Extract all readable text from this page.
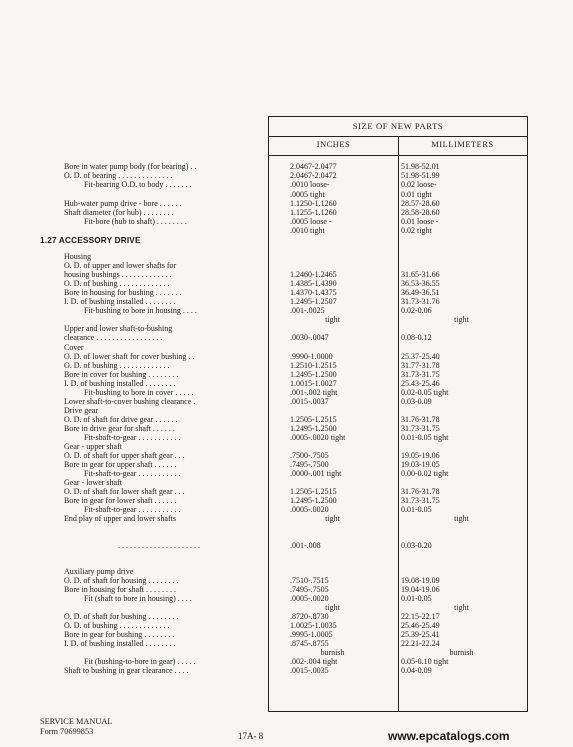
SIZE OF NEW PARTS
INCHES	MILLIMETERS
1.27 ACCESSORY DRIVE
Bore in water pump body (for bearing) . .	2.0467-2.0477	51.98-52.01
O. D. of bearing . . . . . . . . . . . . . .	2.0467-2.0472	51.98-51.99
Fit-bearing O.D. to body . . . . . . .	.0010 loose-	0.02 loose-
.0005 tight	0.01 tight
Hub-water pump drive - bore . . . . . .	1.1250-1.1260	28.57-28.60
Shaft diameter (for hub) . . . . . . . .	1.1255-1.1260	28.58-28.60
Fit-bore (hub to shaft) . . . . . . . .	.0005 loose -	0.01 loose -
.0010 tight	0.02 tight
Housing
O. D. of upper and lower shafts for
housing bushings . . . . . . . . . . . . .	1.2460-1.2465	31.65-31.66
O. D. of bushing . . . . . . . . . . . . .	1.4385-1.4390	36.53-36.55
Bore in housing for bushing . . . . . . .	1.4370-1.4375	36.49-36.51
I. D. of bushing installed . . . . . . . .	1.2495-1.2507	31.73-31.76
Fit-bushing to bore in housing . . . .	.001-.0025	0.02-0.06
tight	tight
Upper and lower shaft-to-bushing
clearance . . . . . . . . . . . . . . . . .	.0030-.0047	0.08-0.12
Cover
O. D. of lower shaft for cover bushing . .	.9990-1.0000	25.37-25.40
O. D. of bushing . . . . . . . . . . . . .	1.2510-1.2515	31.77-31.78
Bore in cover for bushing . . . . . . . .	1.2495-1.2500	31.73-31.75
I. D. of bushing installed . . . . . . . .	1.0015-1.0027	25.43-25.46
Fit-bushing to bore in cover . . . . .	.001-.002 tight	0.02-0.05 tight
Lower shaft-to-cover bushing clearance .	.0015-.0037	0.03-0.09
Drive gear
O. D. of shaft for drive gear . . . . . .	1.2505-1.2515	31.76-31.78
Bore in drive gear for shaft . . . . . .	1.2495-1.2500	31.73-31.75
Fit-shaft-to-gear . . . . . . . . . . .	.0005-.0020 tight	0.01-0.05 tight
Gear - upper shaft
O. D. of shaft for upper shaft gear . . .	.7500-.7505	19.05-19.06
Bore in gear for upper shaft . . . . . .	.7495-.7500	19.03-19.05
Fit-shaft-to-gear . . . . . . . . . . .	.0000-.001 tight	0.00-0.02 tight
Gear - lower shaft
O. D. of shaft for lower shaft gear . . .	1.2505-1.2515	31.76-31.78
Bore in gear for lower shaft . . . . . .	1.2495-1.2500	31.73-31.75
Fit-shaft-to-gear . . . . . . . . . . .	.0005-.0020	0.01-0.05
tight	tight
End play of upper and lower shafts
. . . . . . . . . . . . . . . . . . . . .	.001-.008	0.03-0.20
Auxiliary pump drive
O. D. of shaft for housing . . . . . . . .	.7510-.7515	19.08-19.09
Bore in housing for shaft . . . . . . . .	.7495-.7505	19.04-19.06
Fit (shaft to bore in housing) . . . .	.0005-.0020	0.01-0.05
tight	tight
O. D. of shaft for bushing . . . . . . . .	.8720-.8730	22.15-22.17
O. D. of bushing . . . . . . . . . . . . .	1.0025-1.0035	25.46-25.49
Bore in gear for bushing . . . . . . . .	.9995-1.0005	25.39-25.41
I. D. of bushing installed . . . . . . . .	.8745-.8755	22.21-22.24
burnish	burnish
Fit (bushing-to-bore in gear) . . . . .	.002-.004 tight	0.05-0.10 tight
Shaft to bushing in gear clearance . . . .	.0015-.0035	0.04-0.09
SERVICE MANUAL
Form 70699853	17A- 8	www.epcatalogs.com
